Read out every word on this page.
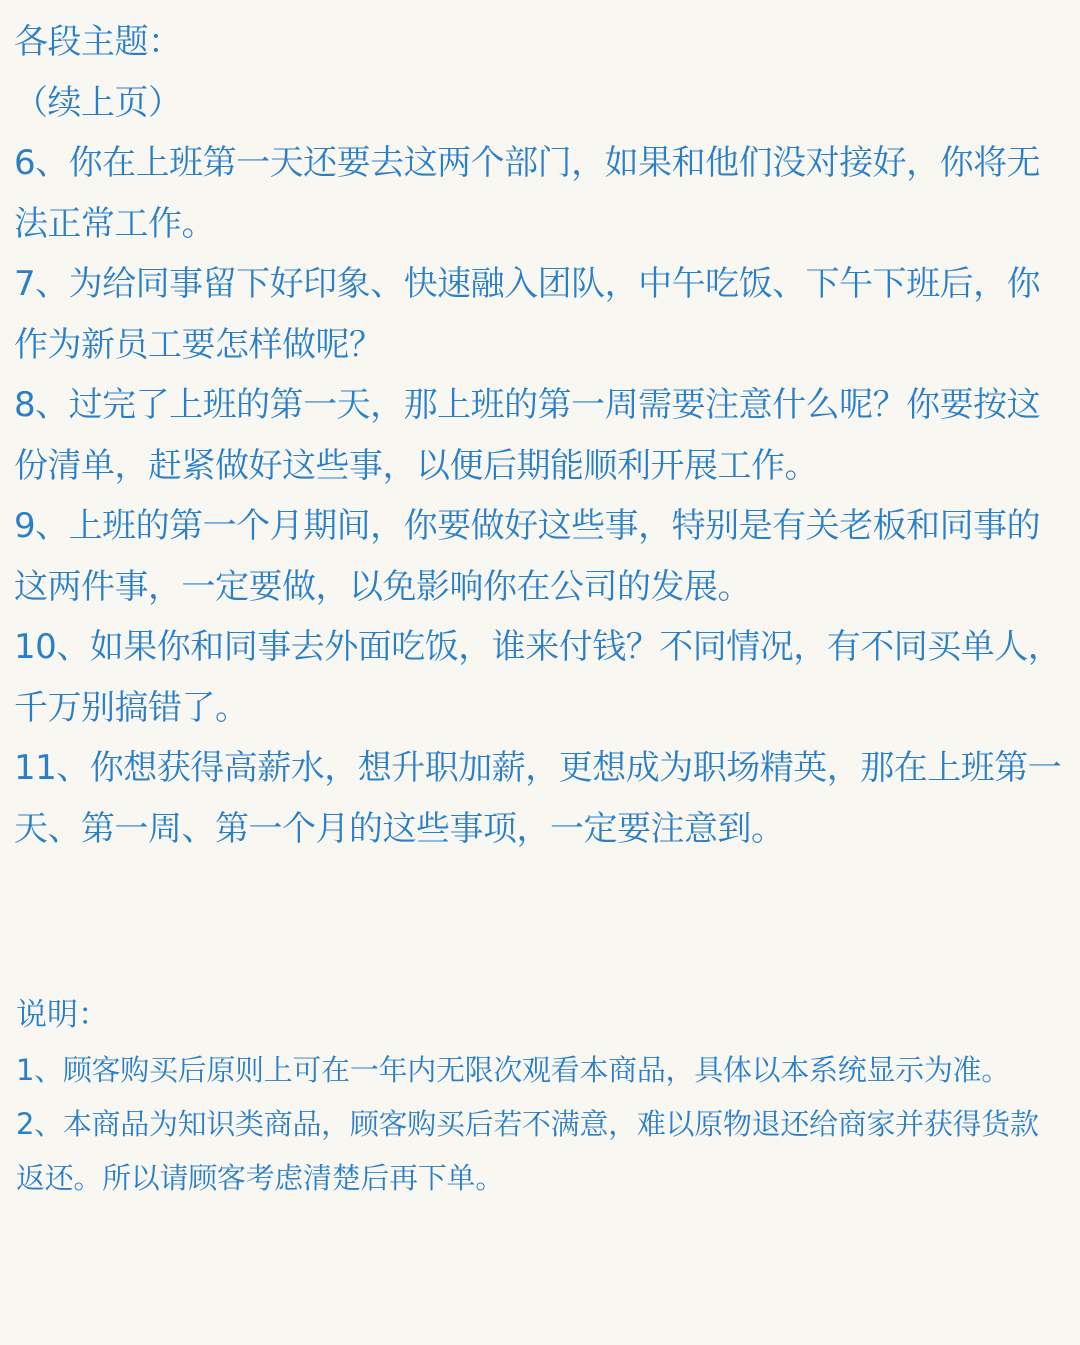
各段主题：
（续上页）
6、你在上班第一天还要去这两个部门，如果和他们没对接好，你将无法正常工作。
7、为给同事留下好印象、快速融入团队，中午吃饭、下午下班后，你作为新员工要怎样做呢？
8、过完了上班的第一天，那上班的第一周需要注意什么呢？你要按这份清单，赶紧做好这些事，以便后期能顺利开展工作。
9、上班的第一个月期间，你要做好这些事，特别是有关老板和同事的这两件事，一定要做，以免影响你在公司的发展。
10、如果你和同事去外面吃饭，谁来付钱？不同情况，有不同买单人，千万别搞错了。
11、你想获得高薪水，想升职加薪，更想成为职场精英，那在上班第一天、第一周、第一个月的这些事项，一定要注意到。
说明：
1、顾客购买后原则上可在一年内无限次观看本商品，具体以本系统显示为准。
2、本商品为知识类商品，顾客购买后若不满意，难以原物退还给商家并获得货款返还。所以请顾客考虑清楚后再下单。
